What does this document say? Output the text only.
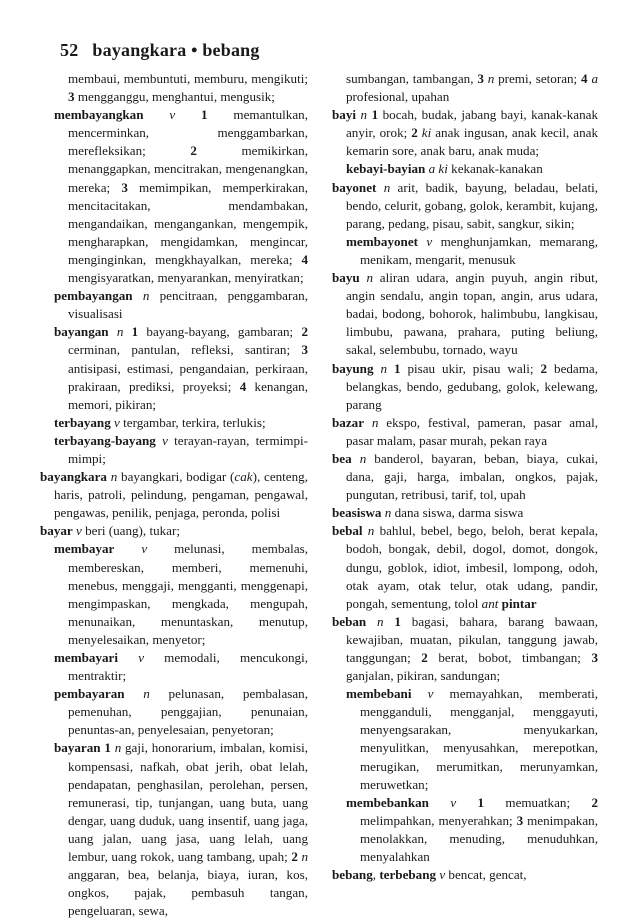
52 bayangkara • bebang
membaui, membuntuti, memburu, mengikuti; 3 mengganggu, menghantui, mengusik;
membayangkan v 1 memantulkan, mencerminkan, menggambarkan, merefleksikan; 2 memikirkan, menanggapkan, mencitrakan, mengenangkan, mereka; 3 memimpikan, memperkirakan, mencitacitakan, mendambakan, mengandaikan, mengangankan, mengempik, mengharapkan, mengidamkan, mengincar, menginginkan, mengkhayalkan, mereka; 4 mengisyaratkan, menyarankan, menyiratkan;
pembayangan n pencitraan, penggambaran, visualisasi
bayangan n 1 bayang-bayang, gambaran; 2 cerminan, pantulan, refleksi, santiran; 3 antisipasi, estimasi, pengandaian, perkiraan, prakiraan, prediksi, proyeksi; 4 kenangan, memori, pikiran;
terbayang v tergambar, terkira, terlukis;
terbayang-bayang v terayan-rayan, termimpi-mimpi;
bayangkara n bayangkari, bodigar (cak), centeng, haris, patroli, pelindung, pengaman, pengawal, pengawas, penilik, penjaga, peronda, polisi
bayar v beri (uang), tukar;
membayar v melunasi, membalas, membereskan, memberi, memenuhi, menebus, menggaji, mengganti, menggenapi, mengimpaskan, mengkada, mengupah, menunaikan, menuntaskan, menutup, menyelesaikan, menyetor;
membayari v memodali, mencukongi, mentraktir;
pembayaran n pelunasan, pembalasan, pemenuhan, penggajian, penunaian, penuntas-an, penyelesaian, penyetoran;
bayaran 1 n gaji, honorarium, imbalan, komisi, kompensasi, nafkah, obat jerih, obat lelah, pendapatan, penghasilan, perolehan, persen, remunerasi, tip, tunjangan, uang buta, uang dengar, uang duduk, uang insentif, uang jaga, uang jalan, uang jasa, uang lelah, uang lembur, uang rokok, uang tambang, upah; 2 n anggaran, bea, belanja, biaya, iuran, kos, ongkos, pajak, pembasuh tangan, pengeluaran, sewa,
sumbangan, tambangan, 3 n premi, setoran; 4 a profesional, upahan
bayi n 1 bocah, budak, jabang bayi, kanak-kanak anyir, orok; 2 ki anak ingusan, anak kecil, anak kemarin sore, anak baru, anak muda;
kebayi-bayian a ki kekanak-kanakan
bayonet n arit, badik, bayung, beladau, belati, bendo, celurit, gobang, golok, kerambit, kujang, parang, pedang, pisau, sabit, sangkur, sikin;
membayonet v menghunjamkan, memarang, menikam, mengarit, menusuk
bayu n aliran udara, angin puyuh, angin ribut, angin sendalu, angin topan, angin, arus udara, badai, bodong, bohorok, halimbubu, langkisau, limbubu, pawana, prahara, puting beliung, sakal, selembubu, tornado, wayu
bayung n 1 pisau ukir, pisau wali; 2 bedama, belangkas, bendo, gedubang, golok, kelewang, parang
bazar n ekspo, festival, pameran, pasar amal, pasar malam, pasar murah, pekan raya
bea n banderol, bayaran, beban, biaya, cukai, dana, gaji, harga, imbalan, ongkos, pajak, pungutan, retribusi, tarif, tol, upah
beasiswa n dana siswa, darma siswa
bebal n bahlul, bebel, bego, beloh, berat kepala, bodoh, bongak, debil, dogol, domot, dongok, dungu, goblok, idiot, imbesil, lompong, odoh, otak ayam, otak telur, otak udang, pandir, pongah, sementung, tolol ant pintar
beban n 1 bagasi, bahara, barang bawaan, kewajiban, muatan, pikulan, tanggung jawab, tanggungan; 2 berat, bobot, timbangan; 3 ganjalan, pikiran, sandungan;
membebani v memayahkan, memberati, mengganduli, mengganjal, menggayuti, menyengsarakan, menyukarkan, menyulitkan, menyusahkan, merepotkan, merugikan, merumitkan, merunyamkan, meruwetkan;
membebankan v 1 memuatkan; 2 melimpahkan, menyerahkan; 3 menimpakan, menolakkan, menuding, menuduhkan, menyalahkan
bebang, terbebang v bencat, gencat,
